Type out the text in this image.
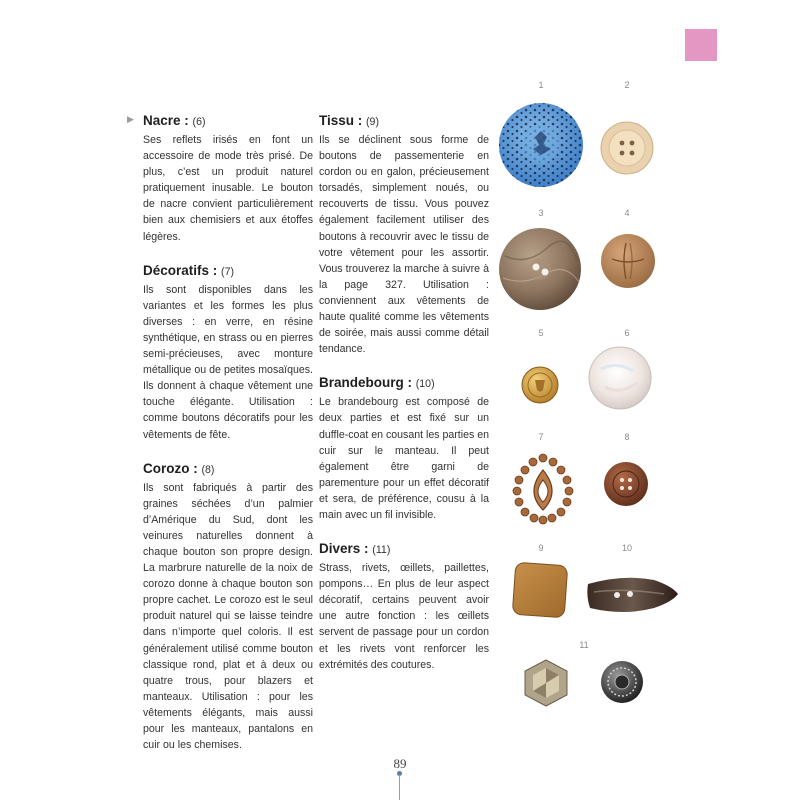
▶ Nacre : (6)
Ses reflets irisés en font un accessoire de mode très prisé. De plus, c’est un produit naturel pratiquement inusable. Le bouton de nacre convient particulièrement bien aux chemisiers et aux étoffes légères.
Décoratifs : (7)
Ils sont disponibles dans les variantes et les formes les plus diverses : en verre, en résine synthétique, en strass ou en pierres semi-précieuses, avec monture métallique ou de petites mosaïques. Ils donnent à chaque vêtement une touche élégante. Utilisation : comme boutons décoratifs pour les vêtements de fête.
Corozo : (8)
Ils sont fabriqués à partir des graines séchées d’un palmier d’Amérique du Sud, dont les veinures naturelles donnent à chaque bouton son propre design. La marbrure naturelle de la noix de corozo donne à chaque bouton son propre cachet. Le corozo est le seul produit naturel qui se laisse teindre dans n’importe quel coloris. Il est généralement utilisé comme bouton classique rond, plat et à deux ou quatre trous, pour blazers et manteaux. Utilisation : pour les vêtements élégants, mais aussi pour les manteaux, pantalons en cuir ou les chemises.
Tissu : (9)
Ils se déclinent sous forme de boutons de passementerie en cordon ou en galon, précieusement torsadés, simplement noués, ou recouverts de tissu. Vous pouvez également facilement utiliser des boutons à recouvrir avec le tissu de votre vêtement pour les assortir. Vous trouverez la marche à suivre à la page 327. Utilisation : conviennent aux vêtements de haute qualité comme les vêtements de soirée, mais aussi comme détail tendance.
Brandebourg : (10)
Le brandebourg est composé de deux parties et est fixé sur un duffle-coat en cousant les parties en cuir sur le manteau. Il peut également être garni de parementure pour un effet décoratif et sera, de préférence, cousu à la main avec un fil invisible.
Divers : (11)
Strass, rivets, œillets, paillettes, pompons… En plus de leur aspect décoratif, certains peuvent avoir une autre fonction : les œillets servent de passage pour un cordon et les rivets vont renforcer les extrémités des coutures.
1	2
3	4
5	6
7	8
9	10
11
89
